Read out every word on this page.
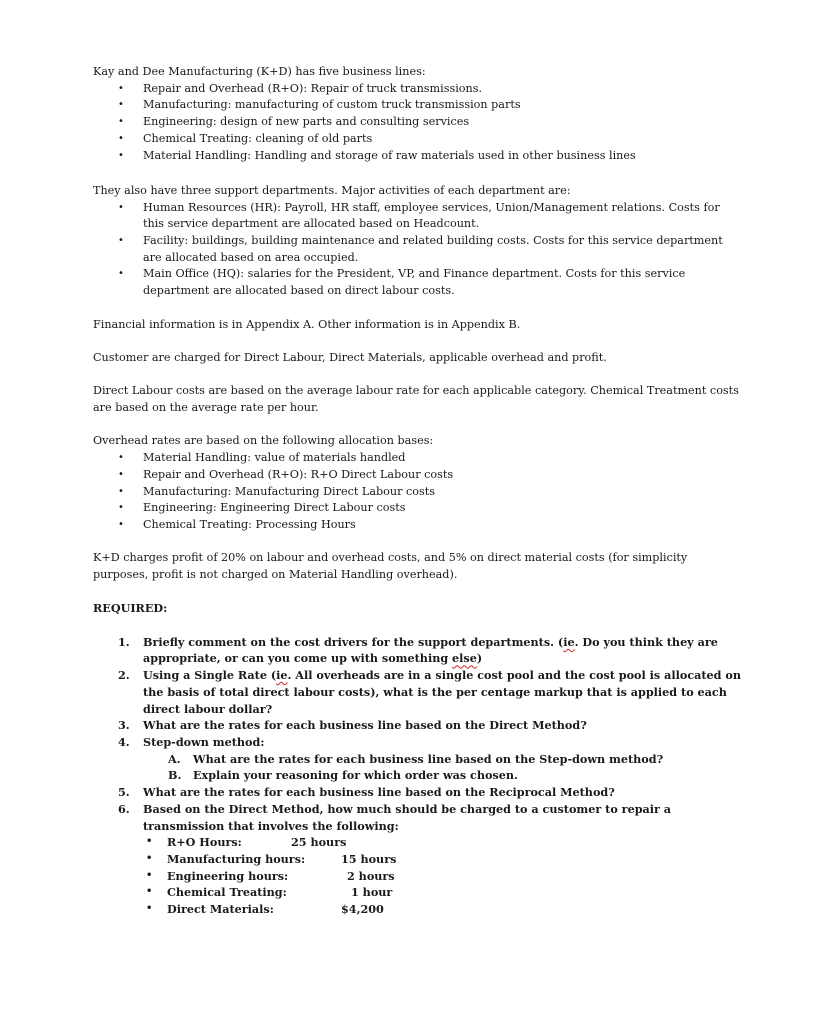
Kay and Dee Manufacturing (K+D) has five business lines:

• Repair and Overhead (R+O): Repair of truck transmissions.
• Manufacturing: manufacturing of custom truck transmission parts
• Engineering: design of new parts and consulting services
• Chemical Treating: cleaning of old parts
• Material Handling: Handling and storage of raw materials used in other business lines

They also have three support departments. Major activities of each department are:

• Human Resources (HR): Payroll, HR staff, employee services, Union/Management relations. Costs for this service department are allocated based on Headcount.
• Facility: buildings, building maintenance and related building costs. Costs for this service department are allocated based on area occupied.
• Main Office (HQ): salaries for the President, VP, and Finance department. Costs for this service department are allocated based on direct labour costs.

Financial information is in Appendix A. Other information is in Appendix B.

Customer are charged for Direct Labour, Direct Materials, applicable overhead and profit.

Direct Labour costs are based on the average labour rate for each applicable category. Chemical Treatment costs are based on the average rate per hour.

Overhead rates are based on the following allocation bases:

• Material Handling: value of materials handled
• Repair and Overhead (R+O): R+O Direct Labour costs
• Manufacturing: Manufacturing Direct Labour costs
• Engineering: Engineering Direct Labour costs
• Chemical Treating: Processing Hours

K+D charges profit of 20% on labour and overhead costs, and 5% on direct material costs (for simplicity purposes, profit is not charged on Material Handling overhead).

REQUIRED:

1. Briefly comment on the cost drivers for the support departments. (ie. Do you think they are appropriate, or can you come up with something else)
2. Using a Single Rate (ie. All overheads are in a single cost pool and the cost pool is allocated on the basis of total direct labour costs), what is the per centage markup that is applied to each direct labour dollar?
3. What are the rates for each business line based on the Direct Method?
4. Step-down method:
A. What are the rates for each business line based on the Step-down method?
B. Explain your reasoning for which order was chosen.
5. What are the rates for each business line based on the Reciprocal Method?
6. Based on the Direct Method, how much should be charged to a customer to repair a transmission that involves the following:
• R+O Hours:	25 hours
• Manufacturing hours:	15 hours
• Engineering hours:	2 hours
• Chemical Treating:	1 hour
• Direct Materials:	$4,200
